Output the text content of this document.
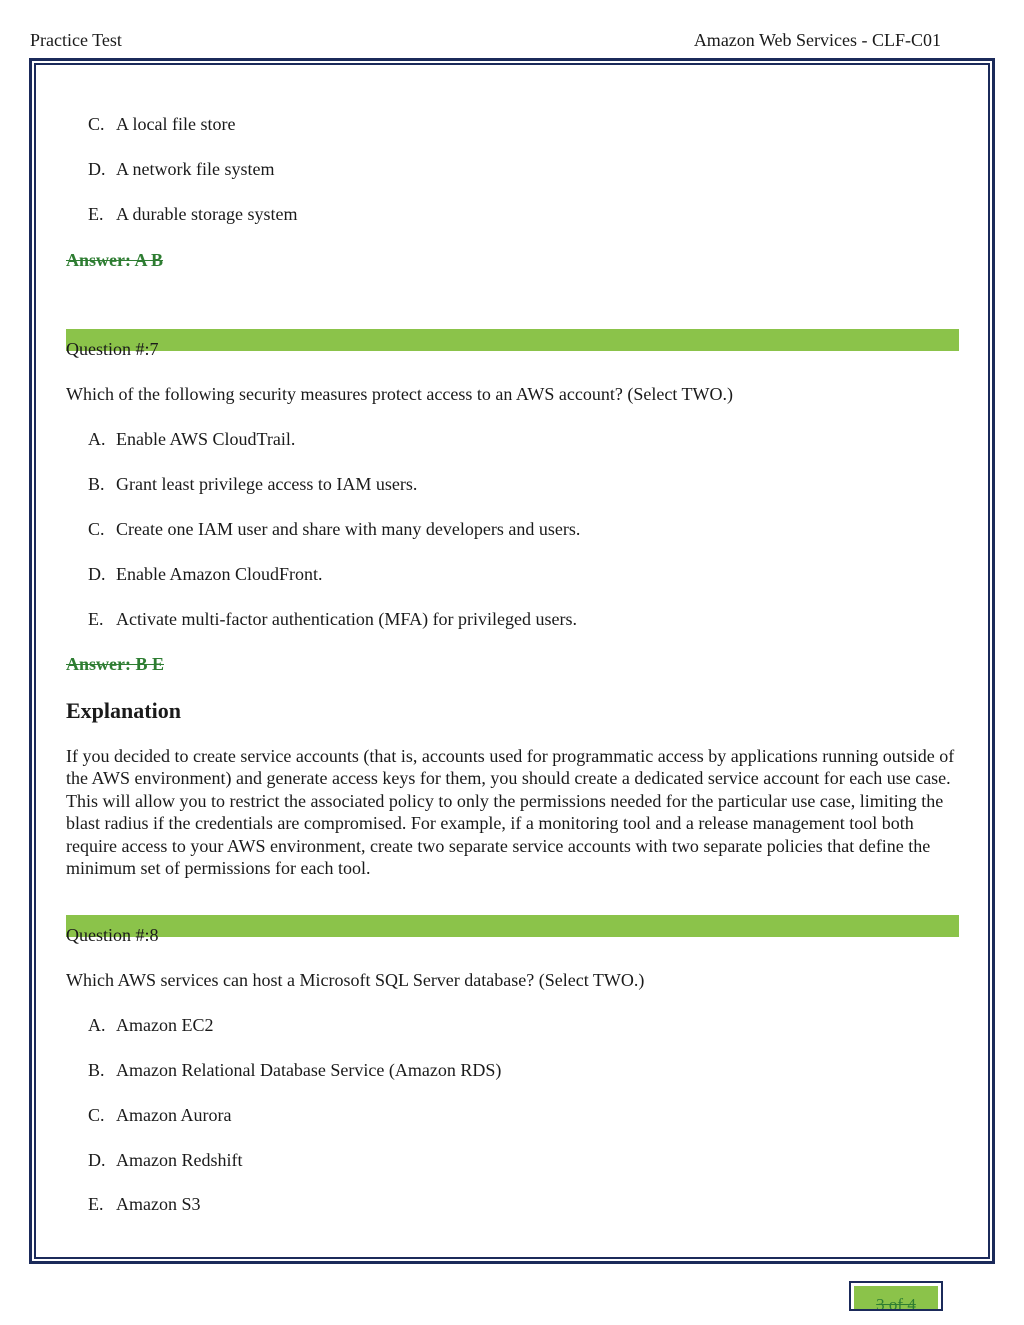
Practice Test	Amazon Web Services - CLF-C01
C. A local file store
D. A network file system
E. A durable storage system
Answer: A B
Question #:7
Which of the following security measures protect access to an AWS account? (Select TWO.)
A. Enable AWS CloudTrail.
B. Grant least privilege access to IAM users.
C. Create one IAM user and share with many developers and users.
D. Enable Amazon CloudFront.
E. Activate multi-factor authentication (MFA) for privileged users.
Answer: B E
Explanation

If you decided to create service accounts (that is, accounts used for programmatic access by applications running outside of the AWS environment) and generate access keys for them, you should create a dedicated service account for each use case. This will allow you to restrict the associated policy to only the permissions needed for the particular use case, limiting the blast radius if the credentials are compromised. For example, if a monitoring tool and a release management tool both require access to your AWS environment, create two separate service accounts with two separate policies that define the minimum set of permissions for each tool.

Question #:8
Which AWS services can host a Microsoft SQL Server database? (Select TWO.)
A. Amazon EC2
B. Amazon Relational Database Service (Amazon RDS)
C. Amazon Aurora
D. Amazon Redshift
E. Amazon S3
3 of 4
